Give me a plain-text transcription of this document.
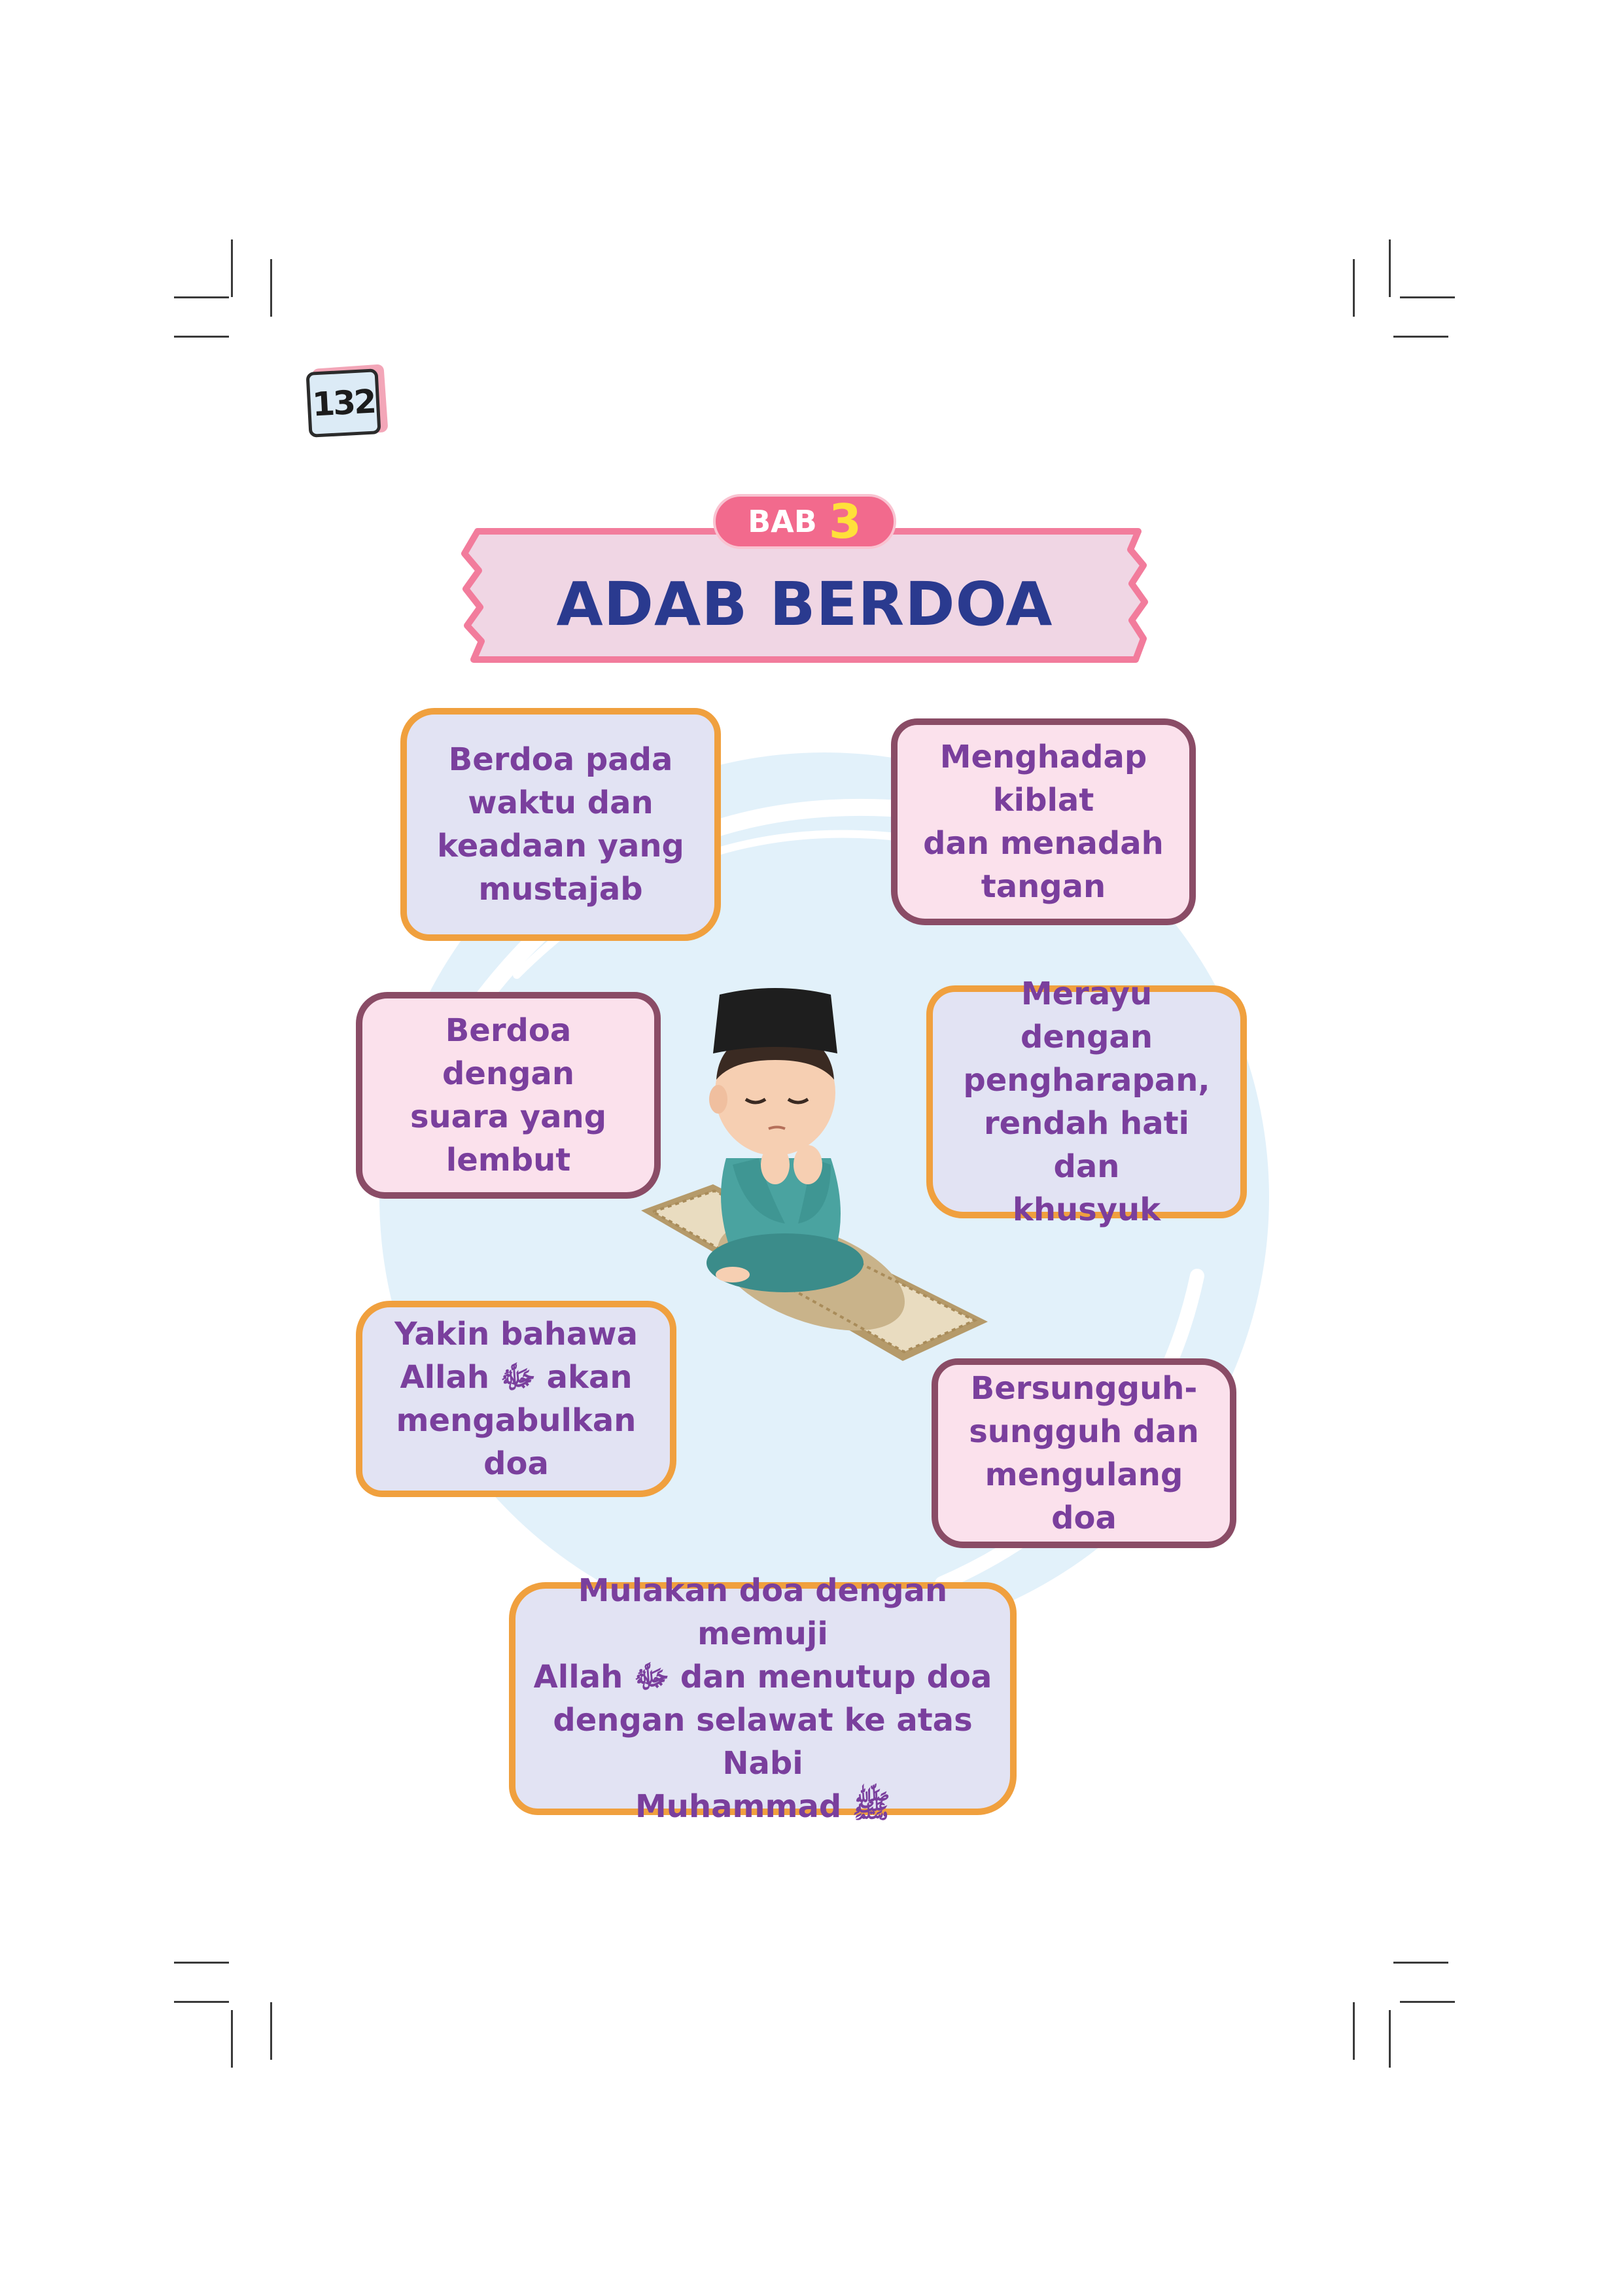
132
ADAB BERDOA
BAB 3
Berdoa pada
waktu dan
keadaan yang
mustajab
Menghadap kiblat
dan menadah
tangan
Berdoa dengan
suara yang
lembut
Merayu dengan
pengharapan,
rendah hati dan
khusyuk
Yakin bahawa
Allah ﷻ akan
mengabulkan doa
Bersungguh-
sungguh dan
mengulang doa
Mulakan doa dengan memuji
Allah ﷻ dan menutup doa
dengan selawat ke atas Nabi
Muhammad ﷺ
